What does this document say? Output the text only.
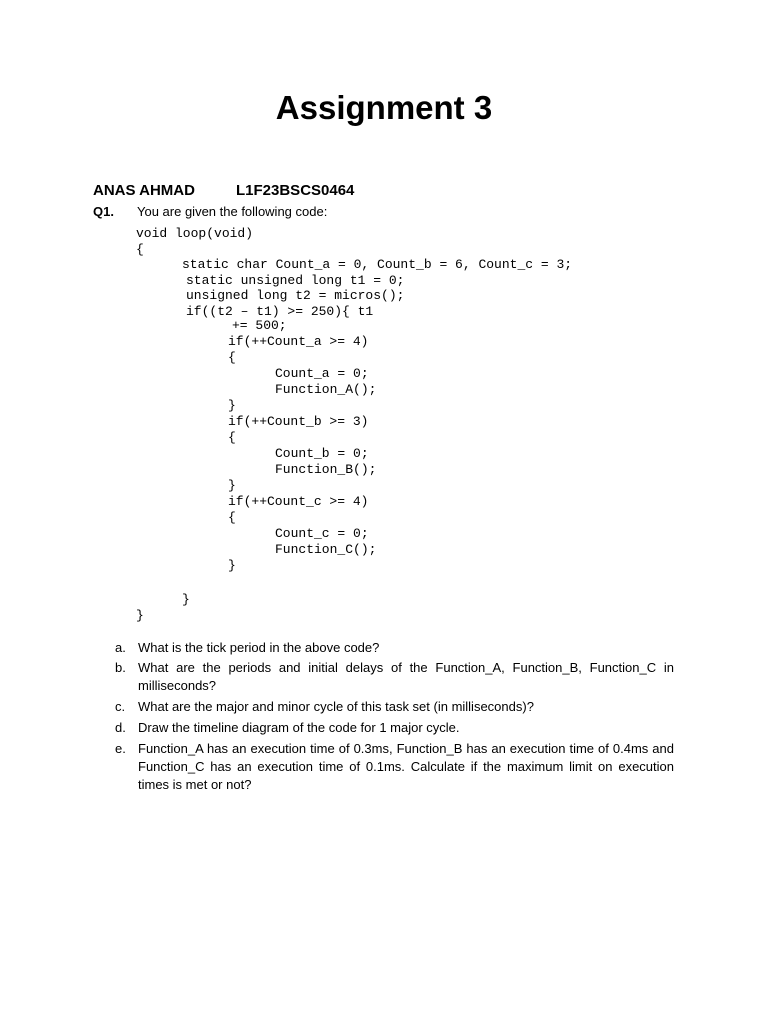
Assignment 3
ANAS AHMAD	L1F23BSCS0464
Q1. You are given the following code:
void loop(void)
{
static char Count_a = 0, Count_b = 6, Count_c = 3;
static unsigned long t1 = 0;
unsigned long t2 = micros();
if((t2 – t1) >= 250){ t1
+= 500;
if(++Count_a >= 4)
{
Count_a = 0;
Function_A();
}
if(++Count_b >= 3)
{
Count_b = 0;
Function_B();
}
if(++Count_c >= 4)
{
Count_c = 0;
Function_C();
}
}
}
a. What is the tick period in the above code?
b. What are the periods and initial delays of the Function_A, Function_B, Function_C in milliseconds?
c. What are the major and minor cycle of this task set (in milliseconds)?
d. Draw the timeline diagram of the code for 1 major cycle.
e. Function_A has an execution time of 0.3ms, Function_B has an execution time of 0.4ms and Function_C has an execution time of 0.1ms. Calculate if the maximum limit on execution times is met or not?
